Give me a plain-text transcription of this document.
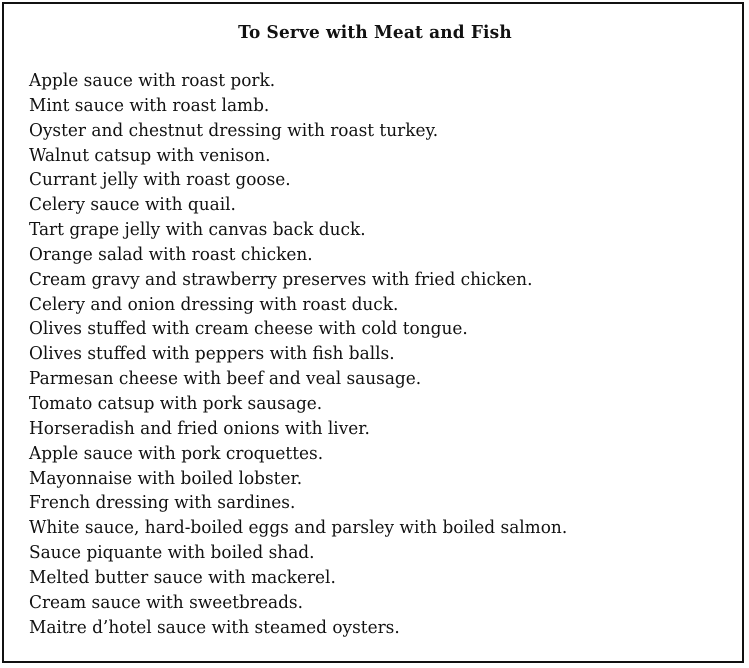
To Serve with Meat and Fish
Apple sauce with roast pork.
Mint sauce with roast lamb.
Oyster and chestnut dressing with roast turkey.
Walnut catsup with venison.
Currant jelly with roast goose.
Celery sauce with quail.
Tart grape jelly with canvas back duck.
Orange salad with roast chicken.
Cream gravy and strawberry preserves with fried chicken.
Celery and onion dressing with roast duck.
Olives stuffed with cream cheese with cold tongue.
Olives stuffed with peppers with fish balls.
Parmesan cheese with beef and veal sausage.
Tomato catsup with pork sausage.
Horseradish and fried onions with liver.
Apple sauce with pork croquettes.
Mayonnaise with boiled lobster.
French dressing with sardines.
White sauce, hard-boiled eggs and parsley with boiled salmon.
Sauce piquante with boiled shad.
Melted butter sauce with mackerel.
Cream sauce with sweetbreads.
Maitre d’hotel sauce with steamed oysters.
